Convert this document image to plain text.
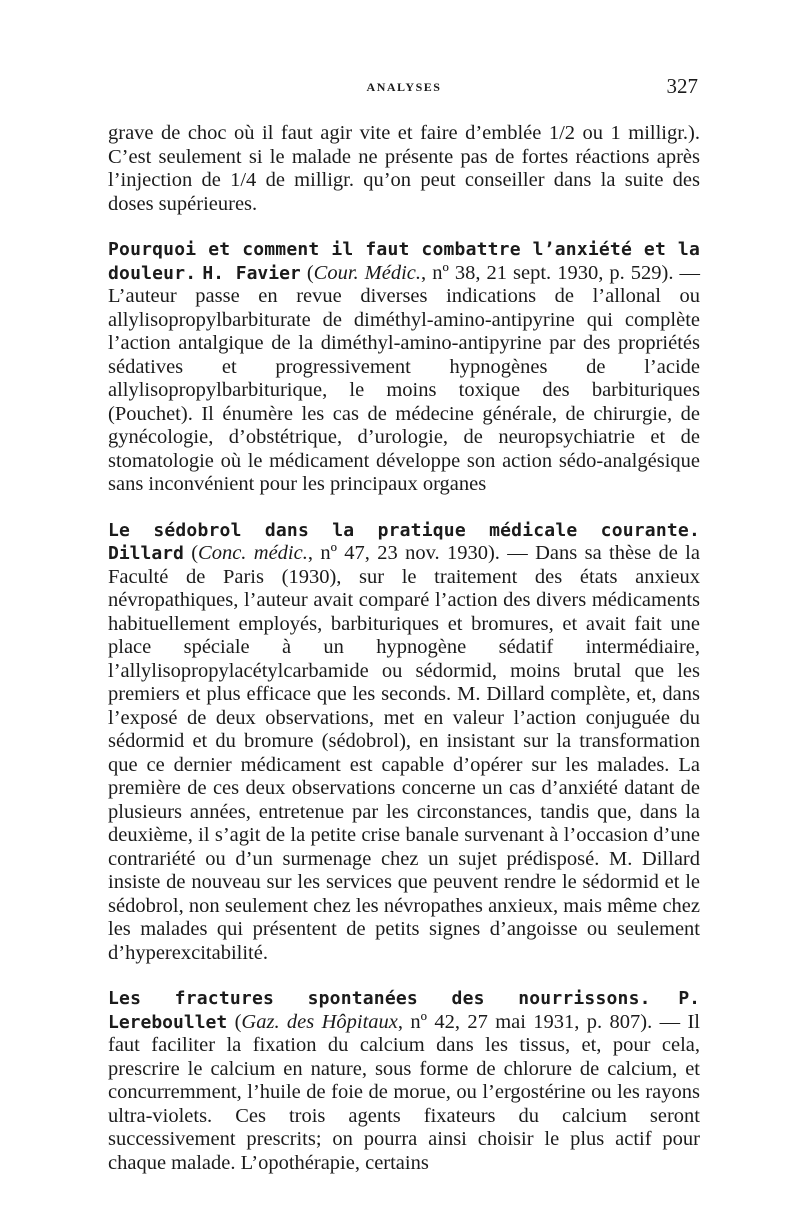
ANALYSES	327

grave de choc où il faut agir vite et faire d’emblée 1/2 ou 1 milligr.). C’est seulement si le malade ne présente pas de fortes réactions après l’injection de 1/4 de milligr. qu’on peut conseiller dans la suite des doses supérieures.

Pourquoi et comment il faut combattre l’anxiété et la douleur. H. Favier (Cour. Médic., nº 38, 21 sept. 1930, p. 529). — L’auteur passe en revue diverses indications de l’allonal ou allylisopropylbarbiturate de diméthyl-amino-antipyrine qui complète l’action antalgique de la diméthyl-amino-antipyrine par des propriétés sédatives et progressivement hypnogènes de l’acide allylisopropylbarbiturique, le moins toxique des barbituriques (Pouchet). Il énumère les cas de médecine générale, de chirurgie, de gynécologie, d’obstétrique, d’urologie, de neuropsychiatrie et de stomatologie où le médicament développe son action sédo-analgésique sans inconvénient pour les principaux organes

Le sédobrol dans la pratique médicale courante. Dillard (Conc. médic., nº 47, 23 nov. 1930). — Dans sa thèse de la Faculté de Paris (1930), sur le traitement des états anxieux névropathiques, l’auteur avait comparé l’action des divers médicaments habituellement employés, barbituriques et bromures, et avait fait une place spéciale à un hypnogène sédatif intermédiaire, l’allylisopropylacétylcarbamide ou sédormid, moins brutal que les premiers et plus efficace que les seconds. M. Dillard complète, et, dans l’exposé de deux observations, met en valeur l’action conjuguée du sédormid et du bromure (sédobrol), en insistant sur la transformation que ce dernier médicament est capable d’opérer sur les malades. La première de ces deux observations concerne un cas d’anxiété datant de plusieurs années, entretenue par les circonstances, tandis que, dans la deuxième, il s’agit de la petite crise banale survenant à l’occasion d’une contrariété ou d’un surmenage chez un sujet prédisposé. M. Dillard insiste de nouveau sur les services que peuvent rendre le sédormid et le sédobrol, non seulement chez les névropathes anxieux, mais même chez les malades qui présentent de petits signes d’angoisse ou seulement d’hyperexcitabilité.

Les fractures spontanées des nourrissons. P. Lereboullet (Gaz. des Hôpitaux, nº 42, 27 mai 1931, p. 807). — Il faut faciliter la fixation du calcium dans les tissus, et, pour cela, prescrire le calcium en nature, sous forme de chlorure de calcium, et concurremment, l’huile de foie de morue, ou l’ergostérine ou les rayons ultra-violets. Ces trois agents fixateurs du calcium seront successivement prescrits; on pourra ainsi choisir le plus actif pour chaque malade. L’opothérapie, certains
